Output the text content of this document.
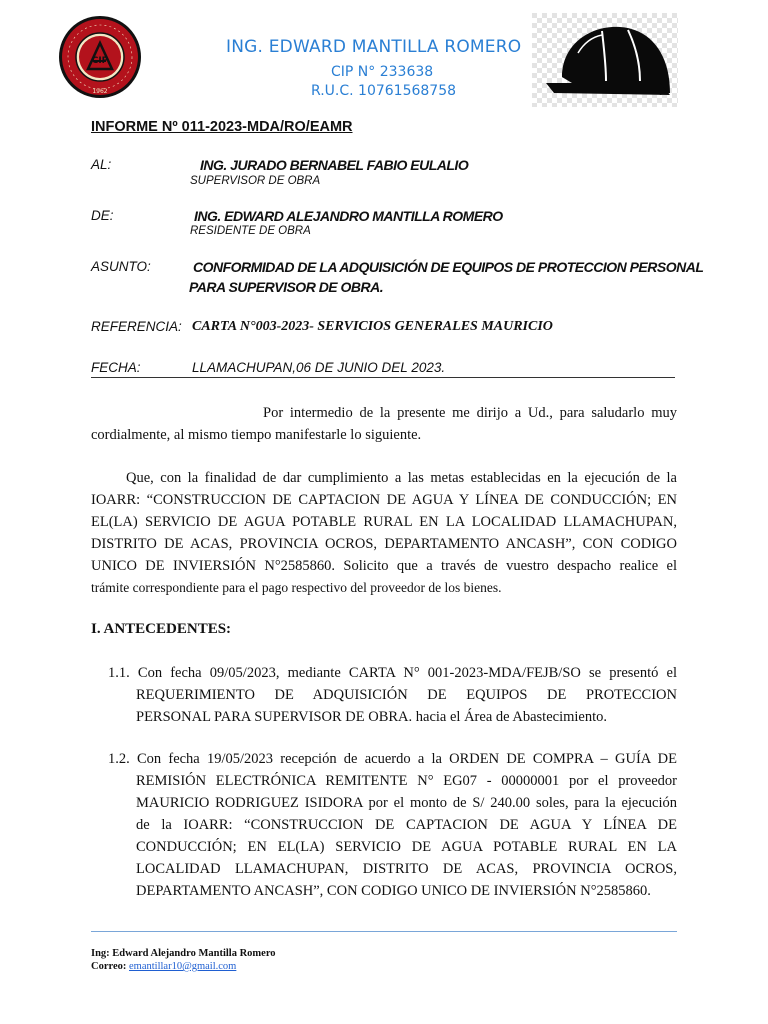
CIP
1962
ING. EDWARD MANTILLA ROMERO
CIP N° 233638
R.U.C. 10761568758
INFORME Nº 011-2023-MDA/RO/EAMR
AL:	ING. JURADO BERNABEL FABIO EULALIO
SUPERVISOR DE OBRA
DE:	ING. EDWARD ALEJANDRO MANTILLA ROMERO
RESIDENTE DE OBRA
ASUNTO:	CONFORMIDAD DE LA ADQUISICIÓN DE EQUIPOS DE PROTECCION PERSONAL
PARA SUPERVISOR DE OBRA.
REFERENCIA: CARTA N°003-2023- SERVICIOS GENERALES MAURICIO
FECHA:	LLAMACHUPAN,06 DE JUNIO DEL 2023.
Por intermedio de la presente me dirijo a Ud., para saludarlo muy
cordialmente, al mismo tiempo manifestarle lo siguiente.
Que, con la finalidad de dar cumplimiento a las metas establecidas en la ejecución de la
IOARR: “CONSTRUCCION DE CAPTACION DE AGUA Y LÍNEA DE CONDUCCIÓN; EN
EL(LA) SERVICIO DE AGUA POTABLE RURAL EN LA LOCALIDAD LLAMACHUPAN,
DISTRITO DE ACAS, PROVINCIA OCROS, DEPARTAMENTO ANCASH”, CON CODIGO
UNICO DE INVIERSIÓN N°2585860. Solicito que a través de vuestro despacho realice el
trámite correspondiente para el pago respectivo del proveedor de los bienes.
I. ANTECEDENTES:
1.1. Con fecha 09/05/2023, mediante CARTA N° 001-2023-MDA/FEJB/SO se presentó el
REQUERIMIENTO DE ADQUISICIÓN DE EQUIPOS DE PROTECCION
PERSONAL PARA SUPERVISOR DE OBRA. hacia el Área de Abastecimiento.
1.2. Con fecha 19/05/2023 recepción de acuerdo a la ORDEN DE COMPRA – GUÍA DE
REMISIÓN ELECTRÓNICA REMITENTE N° EG07 - 00000001 por el proveedor
MAURICIO RODRIGUEZ ISIDORA por el monto de S/ 240.00 soles, para la ejecución
de la IOARR: “CONSTRUCCION DE CAPTACION DE AGUA Y LÍNEA DE
CONDUCCIÓN; EN EL(LA) SERVICIO DE AGUA POTABLE RURAL EN LA
LOCALIDAD LLAMACHUPAN, DISTRITO DE ACAS, PROVINCIA OCROS,
DEPARTAMENTO ANCASH”, CON CODIGO UNICO DE INVIERSIÓN N°2585860.
Ing: Edward Alejandro Mantilla Romero
Correo: emantillar10@gmail.com
